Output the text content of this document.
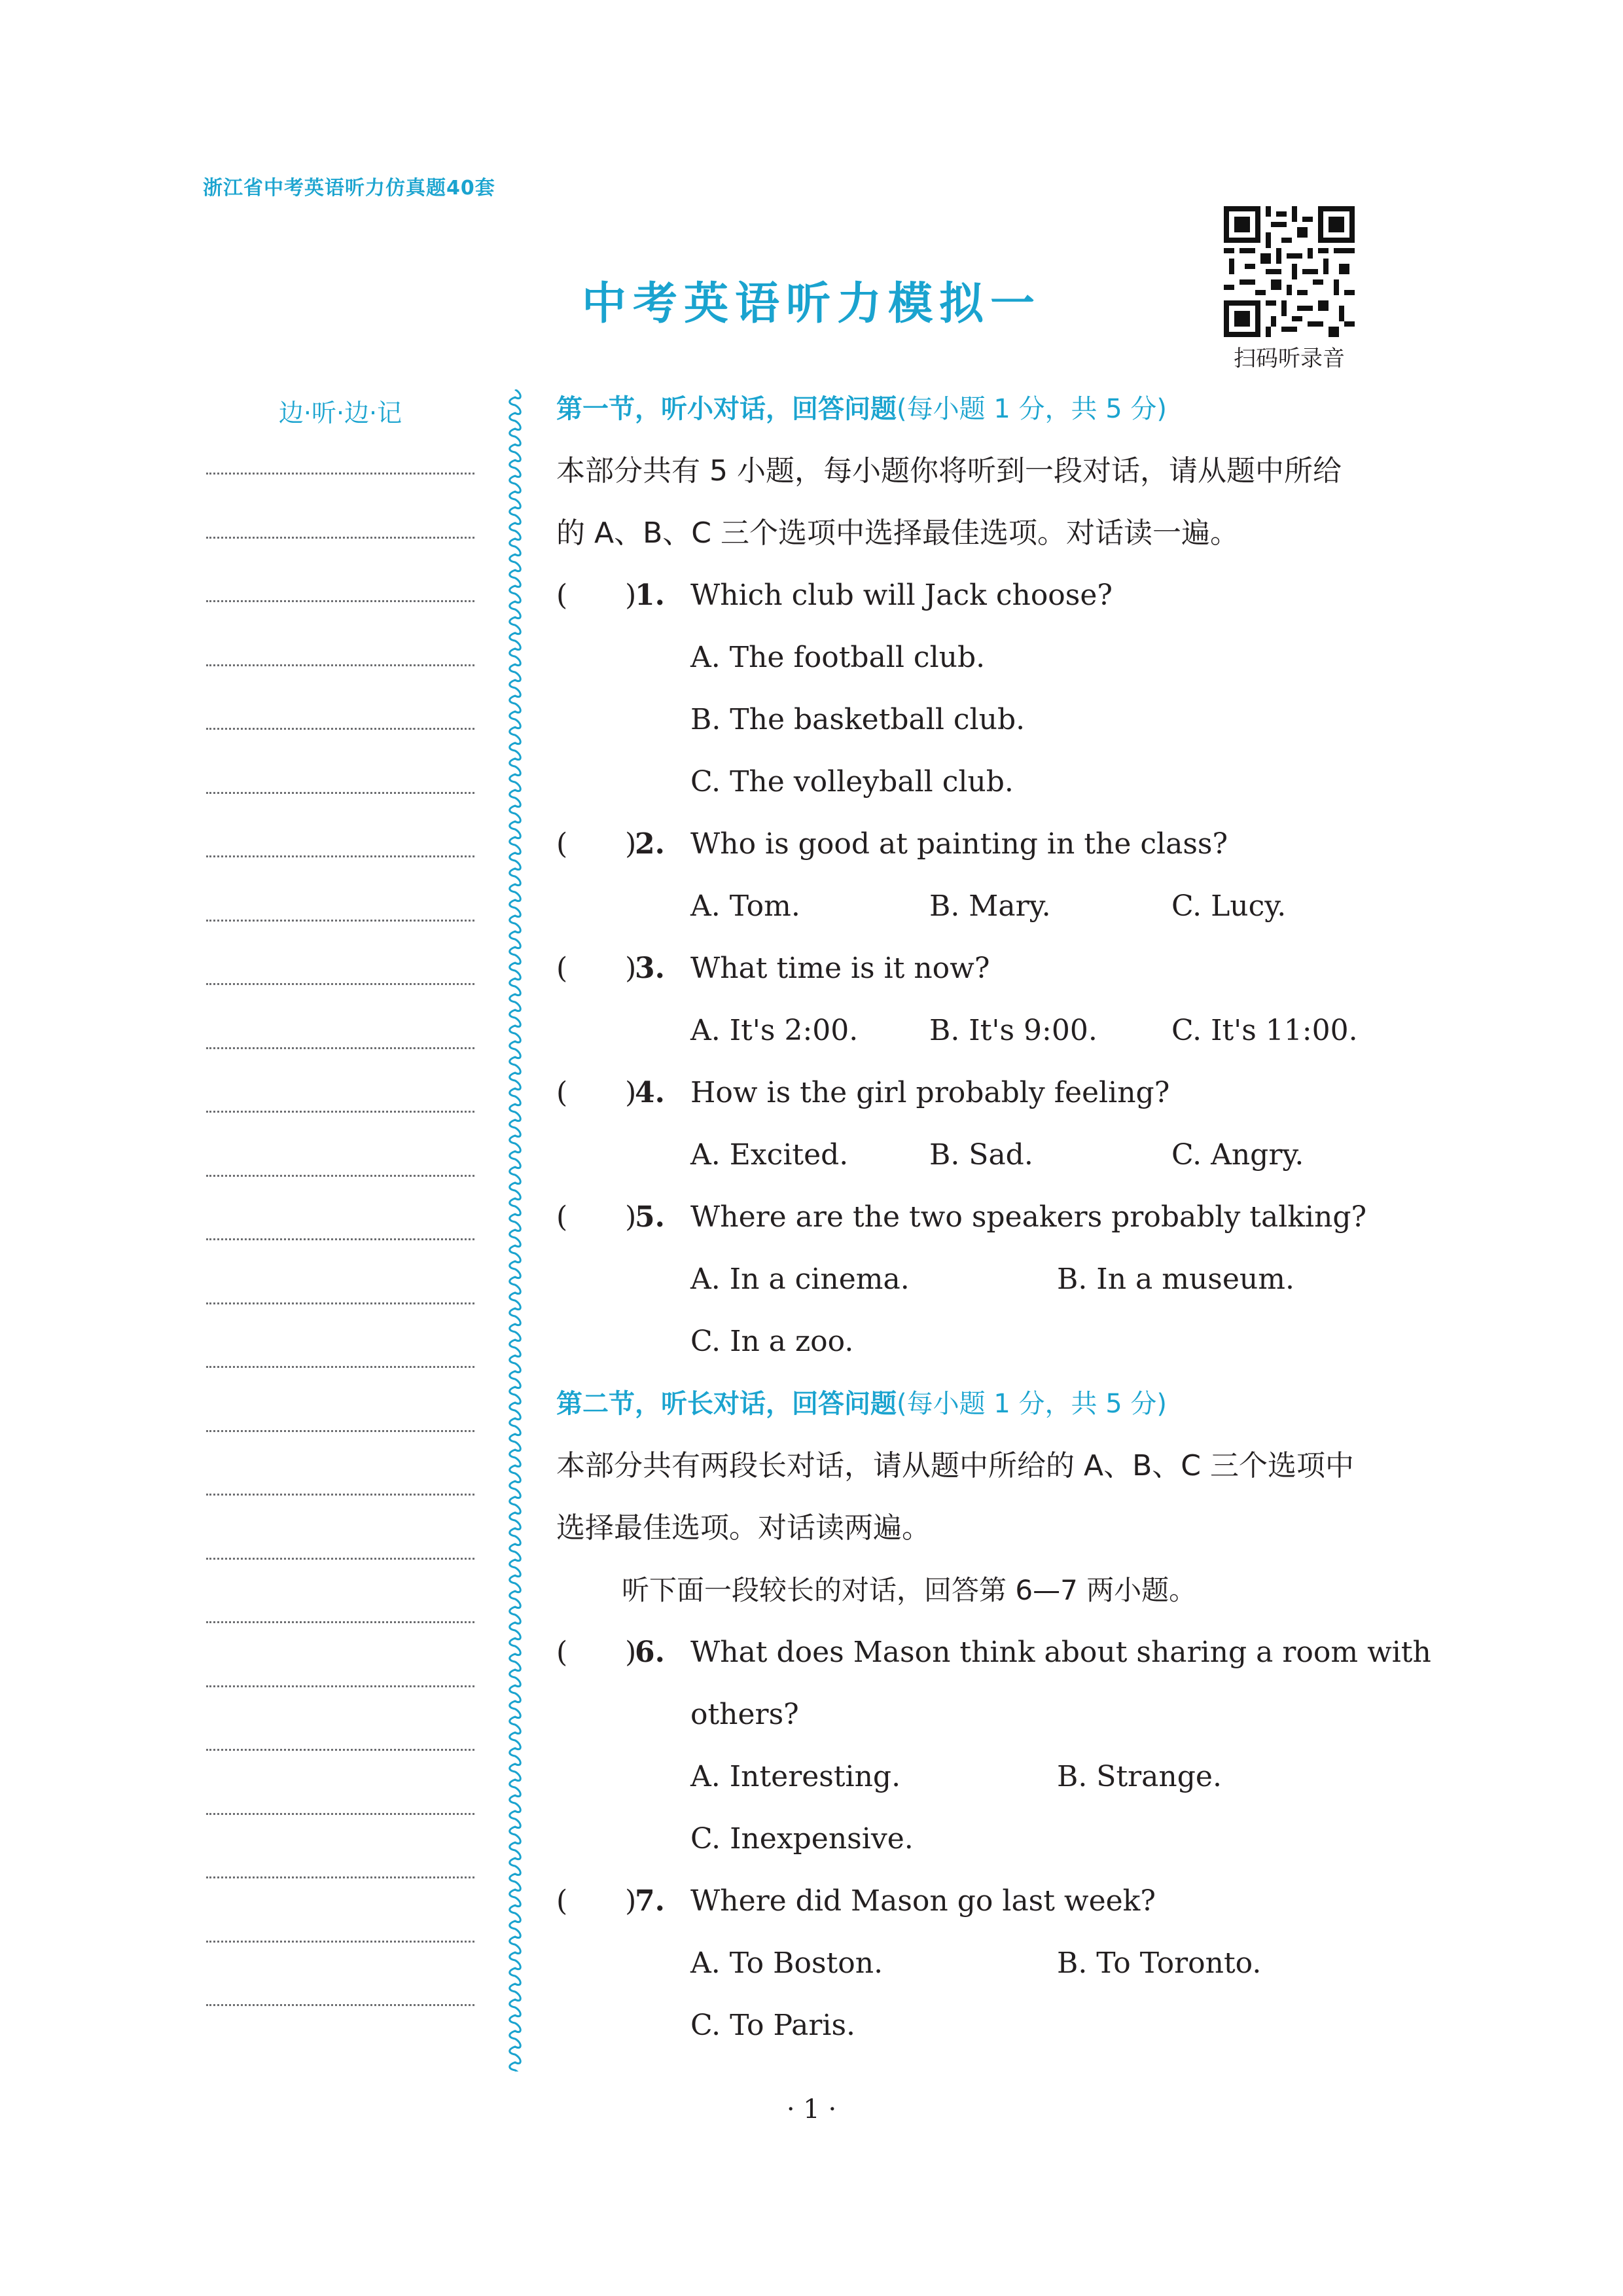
浙江省中考英语听力仿真题40套
中考英语听力模拟一
扫码听录音
边·听·边·记	第一节，听小对话，回答问题(每小题 1 分，共 5 分)
本部分共有 5 小题，每小题你将听到一段对话，请从题中所给
的 A、B、C 三个选项中选择最佳选项。对话读一遍。
(　　)
1. Which club will Jack choose?
A. The football club.
B. The basketball club.
C. The volleyball club.
(　　)
2. Who is good at painting in the class?
A. Tom.	B. Mary.	C. Lucy.
(　　)
3. What time is it now?
A. It's 2:00. B. It's 9:00.	C. It's 11:00.
(　　)
4. How is the girl probably feeling?
A. Excited.	B. Sad.	C. Angry.
(　　)
5. Where are the two speakers probably talking?
A. In a cinema.	B. In a museum.
C. In a zoo.
第二节，听长对话，回答问题(每小题 1 分，共 5 分)
本部分共有两段长对话，请从题中所给的 A、B、C 三个选项中
选择最佳选项。对话读两遍。
听下面一段较长的对话，回答第 6—7 两小题。
(　　)
6. What does Mason think about sharing a room with
others?
A. Interesting.	B. Strange.
C. Inexpensive.
(　　)
7. Where did Mason go last week?
A. To Boston.	B. To Toronto.
C. To Paris.
· 1 ·
